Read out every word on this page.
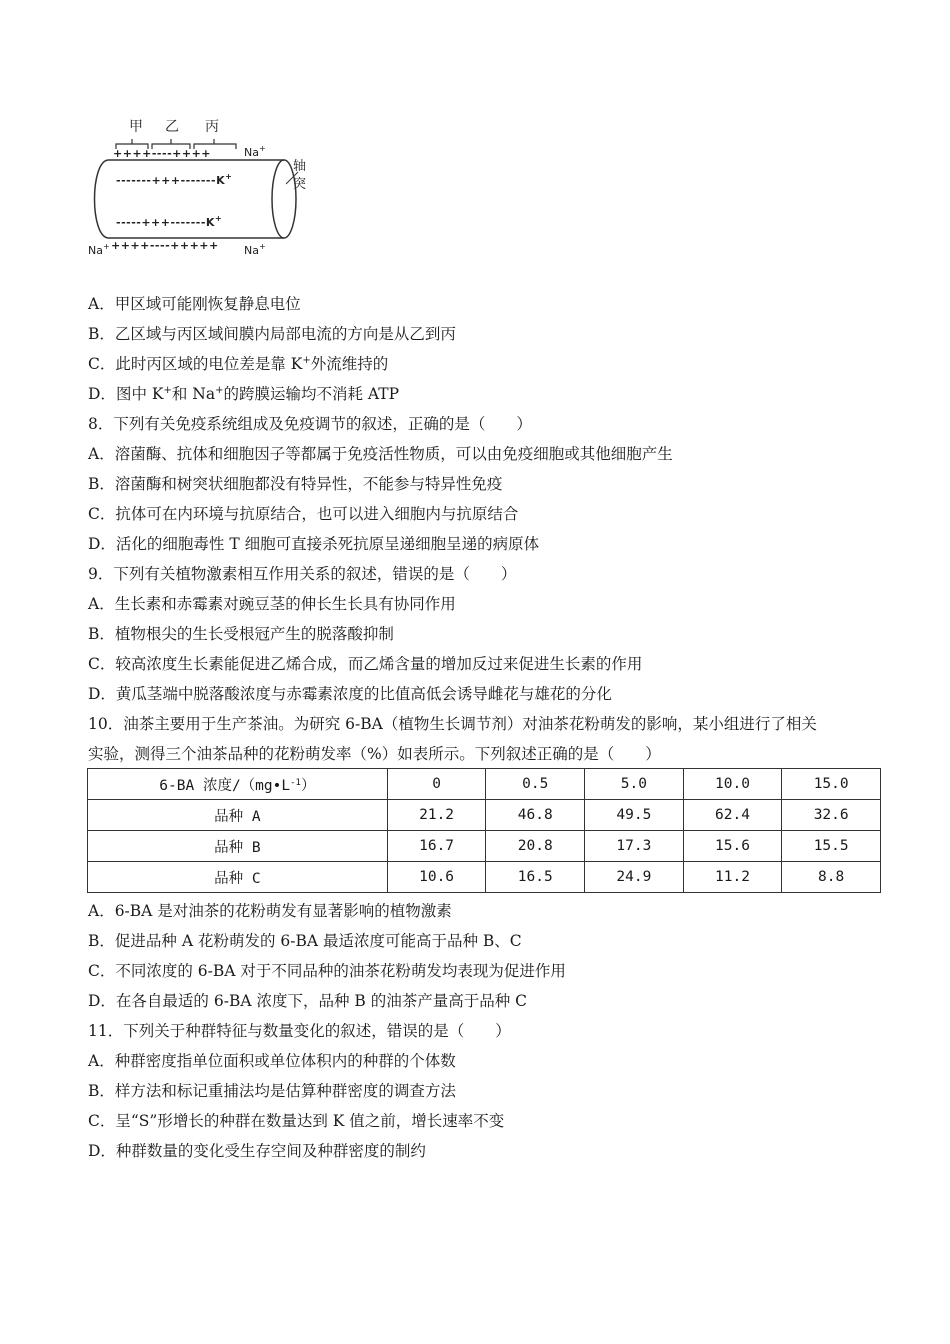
甲 乙 丙
++++----++++	Na+
-------+++-------K+
-----+++-------K+
轴
突
Na+ ++++----+++++ Na+
A．甲区域可能刚恢复静息电位
B．乙区域与丙区域间膜内局部电流的方向是从乙到丙
C．此时丙区域的电位差是靠 K+外流维持的
D．图中 K+和 Na+的跨膜运输均不消耗 ATP
8．下列有关免疫系统组成及免疫调节的叙述，正确的是（　　）
A．溶菌酶、抗体和细胞因子等都属于免疫活性物质，可以由免疫细胞或其他细胞产生
B．溶菌酶和树突状细胞都没有特异性，不能参与特异性免疫
C．抗体可在内环境与抗原结合，也可以进入细胞内与抗原结合
D．活化的细胞毒性 T 细胞可直接杀死抗原呈递细胞呈递的病原体
9．下列有关植物激素相互作用关系的叙述，错误的是（　　）
A．生长素和赤霉素对豌豆茎的伸长生长具有协同作用
B．植物根尖的生长受根冠产生的脱落酸抑制
C．较高浓度生长素能促进乙烯合成，而乙烯含量的增加反过来促进生长素的作用
D．黄瓜茎端中脱落酸浓度与赤霉素浓度的比值高低会诱导雌花与雄花的分化
10．油茶主要用于生产茶油。为研究 6-BA（植物生长调节剂）对油茶花粉萌发的影响，某小组进行了相关
实验，测得三个油茶品种的花粉萌发率（%）如表所示。下列叙述正确的是（　　）
6-BA 浓度$/(mg•L^{-1})$	0	0.5	5.0	10.0	15.0
品种 A	21.2	46.8	49.5	62.4	32.6
品种 B	16.7	20.8	17.3	15.6	15.5
品种 C	10.6	16.5	24.9	11.2	8.8
A．6-BA 是对油茶的花粉萌发有显著影响的植物激素
B．促进品种 A 花粉萌发的 6-BA 最适浓度可能高于品种 B、C
C．不同浓度的 6-BA 对于不同品种的油茶花粉萌发均表现为促进作用
D．在各自最适的 6-BA 浓度下，品种 B 的油茶产量高于品种 C
11．下列关于种群特征与数量变化的叙述，错误的是（　　）
A．种群密度指单位面积或单位体积内的种群的个体数
B．样方法和标记重捕法均是估算种群密度的调查方法
C．呈“S”形增长的种群在数量达到 K 值之前，增长速率不变
D．种群数量的变化受生存空间及种群密度的制约
